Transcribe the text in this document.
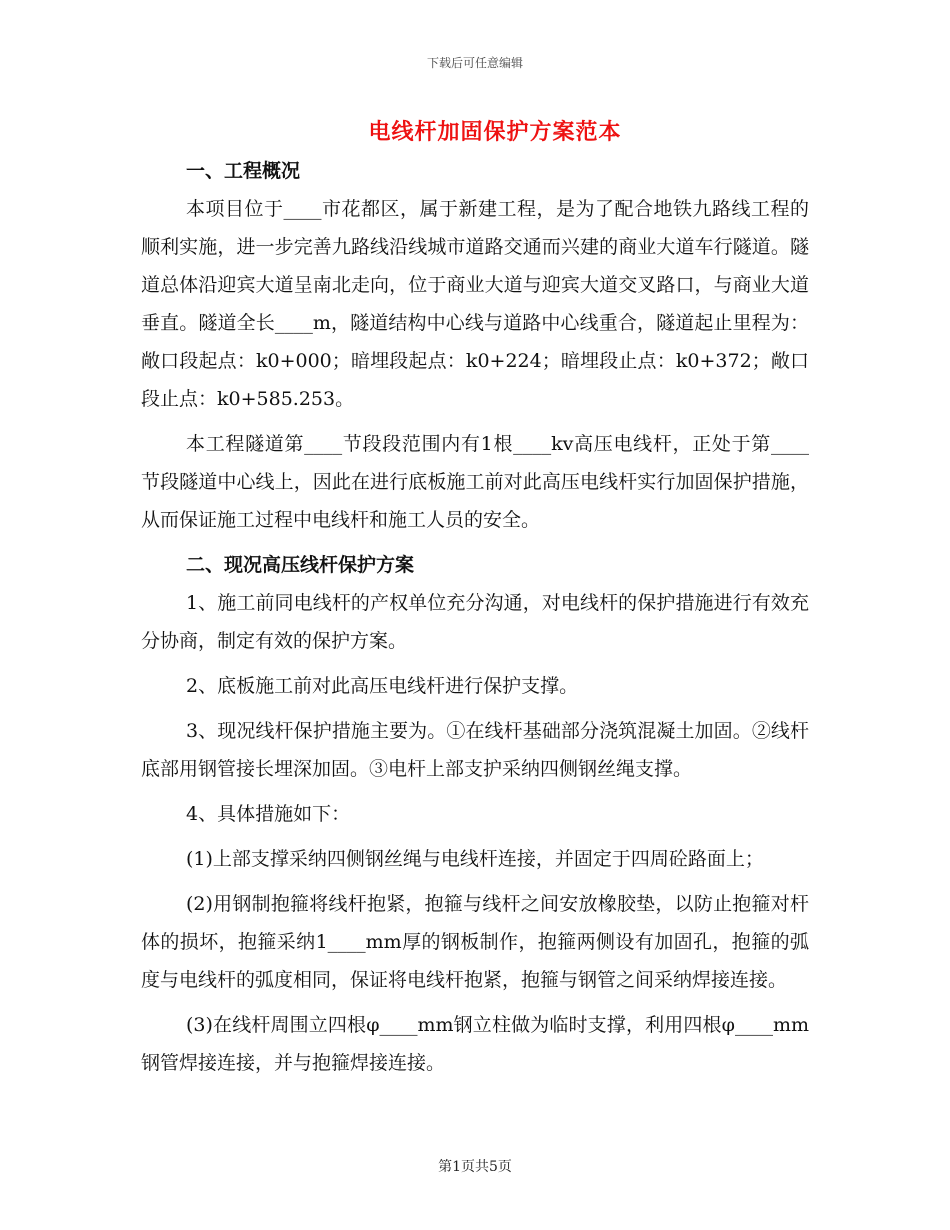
下载后可任意编辑
电线杆加固保护方案范本

一、工程概况

本项目位于____市花都区，属于新建工程，是为了配合地铁九路线工程的顺利实施，进一步完善九路线沿线城市道路交通而兴建的商业大道车行隧道。隧道总体沿迎宾大道呈南北走向，位于商业大道与迎宾大道交叉路口，与商业大道垂直。隧道全长____m，隧道结构中心线与道路中心线重合，隧道起止里程为：敞口段起点：k0+000；暗埋段起点：k0+224；暗埋段止点：k0+372；敞口段止点：k0+585.253。

本工程隧道第____节段段范围内有1根____kv高压电线杆，正处于第____节段隧道中心线上，因此在进行底板施工前对此高压电线杆实行加固保护措施，从而保证施工过程中电线杆和施工人员的安全。

二、现况高压线杆保护方案

1、施工前同电线杆的产权单位充分沟通，对电线杆的保护措施进行有效充分协商，制定有效的保护方案。

2、底板施工前对此高压电线杆进行保护支撑。

3、现况线杆保护措施主要为。①在线杆基础部分浇筑混凝土加固。②线杆底部用钢管接长埋深加固。③电杆上部支护采纳四侧钢丝绳支撑。

4、具体措施如下：

(1)上部支撑采纳四侧钢丝绳与电线杆连接，并固定于四周砼路面上；

(2)用钢制抱箍将线杆抱紧，抱箍与线杆之间安放橡胶垫，以防止抱箍对杆体的损坏，抱箍采纳1____mm厚的钢板制作，抱箍两侧设有加固孔，抱箍的弧度与电线杆的弧度相同，保证将电线杆抱紧，抱箍与钢管之间采纳焊接连接。

(3)在线杆周围立四根φ____mm钢立柱做为临时支撑，利用四根φ____mm钢管焊接连接，并与抱箍焊接连接。

第1页共5页
